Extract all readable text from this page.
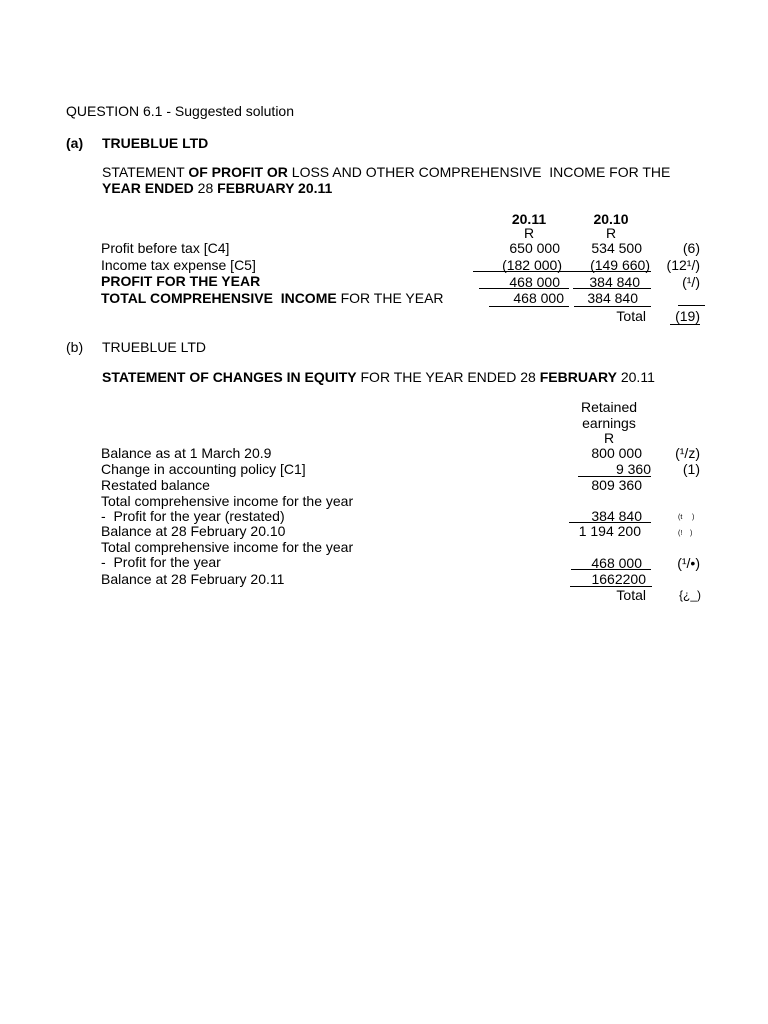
QUESTION 6.1 - Suggested solution
(a) TRUEBLUE LTD
STATEMENT OF PROFIT OR LOSS AND OTHER COMPREHENSIVE  INCOME FOR THE
YEAR ENDED 28 FEBRUARY 20.11
20.11	20.10
R	R
Profit before tax [C4]	650 000	534 500	(6)
Income tax expense [C5]	(182 000)	(149 660)	(12¹/)
PROFIT FOR THE YEAR	468 000	384 840	(¹/)
TOTAL COMPREHENSIVE  INCOME FOR THE YEAR	468 000	384 840
Total	(19)
(b) TRUEBLUE LTD
STATEMENT OF CHANGES IN EQUITY FOR THE YEAR ENDED 28 FEBRUARY 20.11
Retained
earnings
R
Balance as at 1 March 20.9	800 000	(¹/z)
Change in accounting policy [C1]	9 360	(1)
Restated balance	809 360
Total comprehensive income for the year
-  Profit for the year (restated)	384 840	(t     )
Balance at 28 February 20.10	1 194 200	(!    )
Total comprehensive income for the year
-  Profit for the year	468 000	(¹/•)
Balance at 28 February 20.11	1662200
Total	{¿_)
